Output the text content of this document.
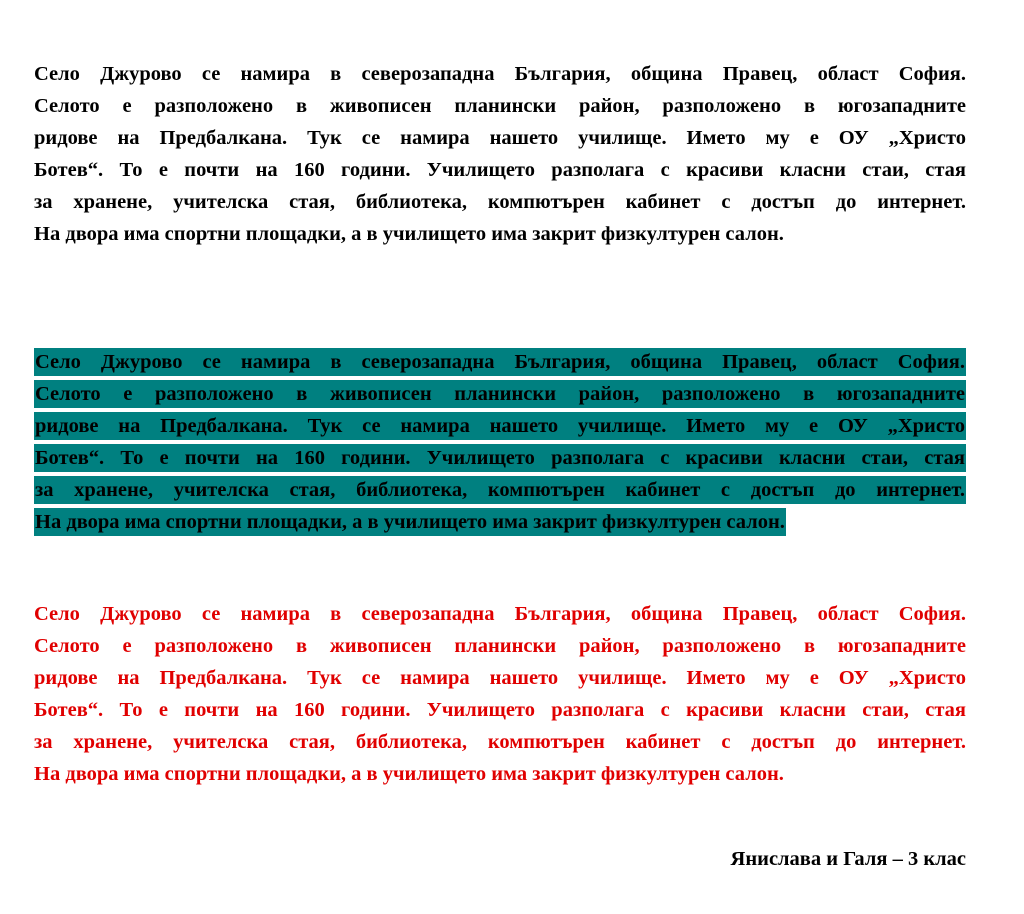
Село Джурово се намира в северозападна България, община Правец, област София.
Селото е разположено в живописен планински район, разположено в югозападните
ридове на Предбалкана. Тук се намира нашето училище. Името му е ОУ „Христо
Ботев“. То е почти на 160 години. Училището разполага с красиви класни стаи, стая
за хранене, учителска стая, библиотека, компютърен кабинет с достъп до интернет.
На двора има спортни площадки, а в училището има закрит физкултурен салон.
Село Джурово се намира в северозападна България, община Правец, област София.
Селото е разположено в живописен планински район, разположено в югозападните
ридове на Предбалкана. Тук се намира нашето училище. Името му е ОУ „Христо
Ботев“. То е почти на 160 години. Училището разполага с красиви класни стаи, стая
за хранене, учителска стая, библиотека, компютърен кабинет с достъп до интернет.
На двора има спортни площадки, а в училището има закрит физкултурен салон.
Село Джурово се намира в северозападна България, община Правец, област София.
Селото е разположено в живописен планински район, разположено в югозападните
ридове на Предбалкана. Тук се намира нашето училище. Името му е ОУ „Христо
Ботев“. То е почти на 160 години. Училището разполага с красиви класни стаи, стая
за хранене, учителска стая, библиотека, компютърен кабинет с достъп до интернет.
На двора има спортни площадки, а в училището има закрит физкултурен салон.

Янислава и Галя – 3 клас
